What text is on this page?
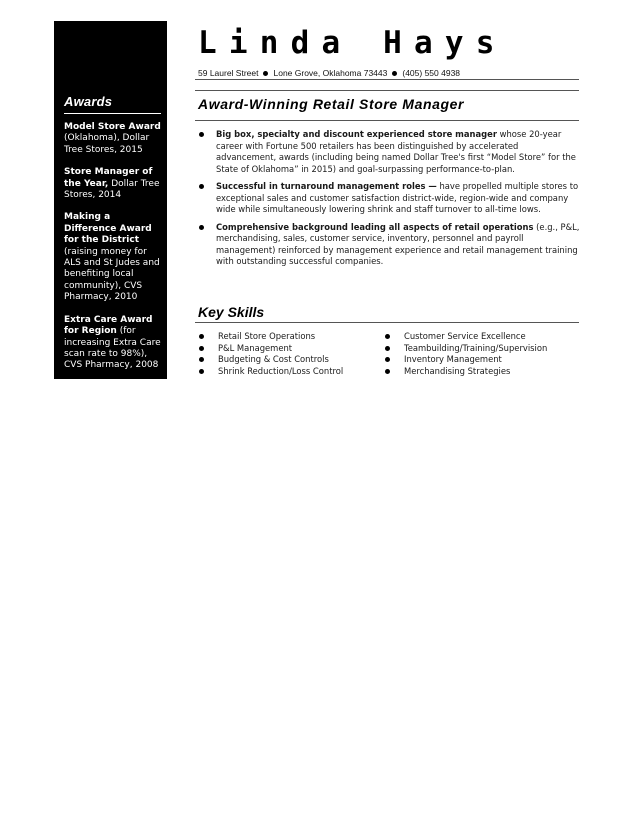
Awards
Model Store Award (Oklahoma), Dollar Tree Stores, 2015
Store Manager of the Year, Dollar Tree Stores, 2014
Making a Difference Award for the District (raising money for ALS and St Judes and benefiting local community), CVS Pharmacy, 2010
Extra Care Award for Region (for increasing Extra Care scan rate to 98%), CVS Pharmacy, 2008
Linda Hays
59 Laurel Street Lone Grove, Oklahoma 73443 (405) 550 4938
Award-Winning Retail Store Manager
Big box, specialty and discount experienced store manager whose 20-year career with Fortune 500 retailers has been distinguished by accelerated advancement, awards (including being named Dollar Tree's first “Model Store” for the State of Oklahoma” in 2015) and goal-surpassing performance-to-plan.
Successful in turnaround management roles — have propelled multiple stores to exceptional sales and customer satisfaction district-wide, region-wide and company wide while simultaneously lowering shrink and staff turnover to all-time lows.
Comprehensive background leading all aspects of retail operations (e.g., P&L, merchandising, sales, customer service, inventory, personnel and payroll management) reinforced by management experience and retail management training with outstanding successful companies.
Key Skills
Retail Store Operations
P&L Management
Budgeting & Cost Controls
Shrink Reduction/Loss Control
Customer Service Excellence
Teambuilding/Training/Supervision
Inventory Management
Merchandising Strategies
